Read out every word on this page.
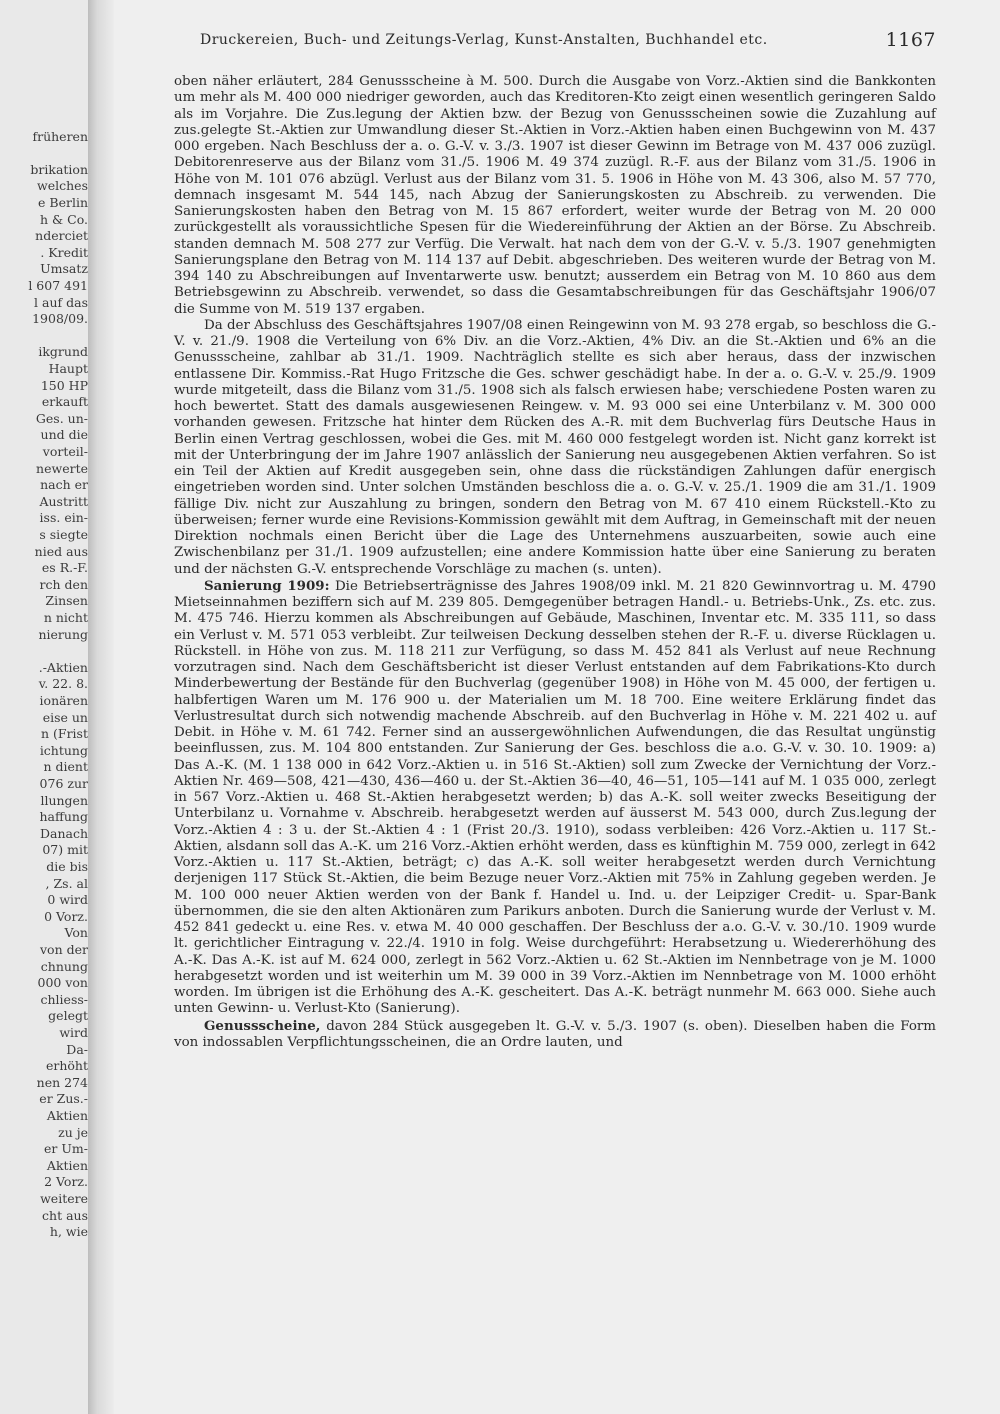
früheren
brikation
welches
e Berlin
h & Co.
nderciet
. Kredit
Umsatz
l 607 491
l auf das
1908/09.
ikgrund
Haupt
150 HP
erkauft
Ges. un-
und die
vorteil-
newerte
nach er
Austritt
iss. ein-
s siegte
nied aus
es R.-F.
rch den
Zinsen
n nicht
nierung
.-Aktien
v. 22. 8.
ionären
eise un
n (Frist
ichtung
n dient
076 zur
llungen
haffung
Danach
07) mit
die bis
, Zs. al
0 wird
0 Vorz.
Von
von der
chnung
000 von
chliess-
gelegt
wird
Da-
erhöht
nen 274
er Zus.-
Aktien
zu je
er Um-
Aktien
2 Vorz.
weitere
cht aus
h, wie
Druckereien, Buch- und Zeitungs-Verlag, Kunst-Anstalten, Buchhandel etc.	1167

oben näher erläutert, 284 Genussscheine à M. 500. Durch die Ausgabe von Vorz.-Aktien sind die Bankkonten um mehr als M. 400 000 niedriger geworden, auch das Kreditoren-Kto zeigt einen wesentlich geringeren Saldo als im Vorjahre. Die Zus.legung der Aktien bzw. der Bezug von Genussscheinen sowie die Zuzahlung auf zus.gelegte St.-Aktien zur Umwandlung dieser St.-Aktien in Vorz.-Aktien haben einen Buchgewinn von M. 437 000 ergeben. Nach Beschluss der a. o. G.-V. v. 3./3. 1907 ist dieser Gewinn im Betrage von M. 437 006 zuzügl. Debitorenreserve aus der Bilanz vom 31./5. 1906 M. 49 374 zuzügl. R.-F. aus der Bilanz vom 31./5. 1906 in Höhe von M. 101 076 abzügl. Verlust aus der Bilanz vom 31. 5. 1906 in Höhe von M. 43 306, also M. 57 770, demnach insgesamt M. 544 145, nach Abzug der Sanierungskosten zu Abschreib. zu verwenden. Die Sanierungskosten haben den Betrag von M. 15 867 erfordert, weiter wurde der Betrag von M. 20 000 zurückgestellt als voraussichtliche Spesen für die Wiedereinführung der Aktien an der Börse. Zu Abschreib. standen demnach M. 508 277 zur Verfüg. Die Verwalt. hat nach dem von der G.-V. v. 5./3. 1907 genehmigten Sanierungsplane den Betrag von M. 114 137 auf Debit. abgeschrieben. Des weiteren wurde der Betrag von M. 394 140 zu Abschreibungen auf Inventarwerte usw. benutzt; ausserdem ein Betrag von M. 10 860 aus dem Betriebsgewinn zu Abschreib. verwendet, so dass die Gesamtabschreibungen für das Geschäftsjahr 1906/07 die Summe von M. 519 137 ergaben.

Da der Abschluss des Geschäftsjahres 1907/08 einen Reingewinn von M. 93 278 ergab, so beschloss die G.-V. v. 21./9. 1908 die Verteilung von 6% Div. an die Vorz.-Aktien, 4% Div. an die St.-Aktien und 6% an die Genussscheine, zahlbar ab 31./1. 1909. Nachträglich stellte es sich aber heraus, dass der inzwischen entlassene Dir. Kommiss.-Rat Hugo Fritzsche die Ges. schwer geschädigt habe. In der a. o. G.-V. v. 25./9. 1909 wurde mitgeteilt, dass die Bilanz vom 31./5. 1908 sich als falsch erwiesen habe; verschiedene Posten waren zu hoch bewertet. Statt des damals ausgewiesenen Reingew. v. M. 93 000 sei eine Unterbilanz v. M. 300 000 vorhanden gewesen. Fritzsche hat hinter dem Rücken des A.-R. mit dem Buchverlag fürs Deutsche Haus in Berlin einen Vertrag geschlossen, wobei die Ges. mit M. 460 000 festgelegt worden ist. Nicht ganz korrekt ist mit der Unterbringung der im Jahre 1907 anlässlich der Sanierung neu ausgegebenen Aktien verfahren. So ist ein Teil der Aktien auf Kredit ausgegeben sein, ohne dass die rückständigen Zahlungen dafür energisch eingetrieben worden sind. Unter solchen Umständen beschloss die a. o. G.-V. v. 25./1. 1909 die am 31./1. 1909 fällige Div. nicht zur Auszahlung zu bringen, sondern den Betrag von M. 67 410 einem Rückstell.-Kto zu überweisen; ferner wurde eine Revisions-Kommission gewählt mit dem Auftrag, in Gemeinschaft mit der neuen Direktion nochmals einen Bericht über die Lage des Unternehmens auszuarbeiten, sowie auch eine Zwischenbilanz per 31./1. 1909 aufzustellen; eine andere Kommission hatte über eine Sanierung zu beraten und der nächsten G.-V. entsprechende Vorschläge zu machen (s. unten).

Sanierung 1909: Die Betriebserträgnisse des Jahres 1908/09 inkl. M. 21 820 Gewinnvortrag u. M. 4790 Mietseinnahmen beziffern sich auf M. 239 805. Demgegenüber betragen Handl.- u. Betriebs-Unk., Zs. etc. zus. M. 475 746. Hierzu kommen als Abschreibungen auf Gebäude, Maschinen, Inventar etc. M. 335 111, so dass ein Verlust v. M. 571 053 verbleibt. Zur teilweisen Deckung desselben stehen der R.-F. u. diverse Rücklagen u. Rückstell. in Höhe von zus. M. 118 211 zur Verfügung, so dass M. 452 841 als Verlust auf neue Rechnung vorzutragen sind. Nach dem Geschäftsbericht ist dieser Verlust entstanden auf dem Fabrikations-Kto durch Minderbewertung der Bestände für den Buchverlag (gegenüber 1908) in Höhe von M. 45 000, der fertigen u. halbfertigen Waren um M. 176 900 u. der Materialien um M. 18 700. Eine weitere Erklärung findet das Verlustresultat durch sich notwendig machende Abschreib. auf den Buchverlag in Höhe v. M. 221 402 u. auf Debit. in Höhe v. M. 61 742. Ferner sind an aussergewöhnlichen Aufwendungen, die das Resultat ungünstig beeinflussen, zus. M. 104 800 entstanden. Zur Sanierung der Ges. beschloss die a.o. G.-V. v. 30. 10. 1909: a) Das A.-K. (M. 1 138 000 in 642 Vorz.-Aktien u. in 516 St.-Aktien) soll zum Zwecke der Vernichtung der Vorz.-Aktien Nr. 469—508, 421—430, 436—460 u. der St.-Aktien 36—40, 46—51, 105—141 auf M. 1 035 000, zerlegt in 567 Vorz.-Aktien u. 468 St.-Aktien herabgesetzt werden; b) das A.-K. soll weiter zwecks Beseitigung der Unterbilanz u. Vornahme v. Abschreib. herabgesetzt werden auf äusserst M. 543 000, durch Zus.legung der Vorz.-Aktien 4 : 3 u. der St.-Aktien 4 : 1 (Frist 20./3. 1910), sodass verbleiben: 426 Vorz.-Aktien u. 117 St.-Aktien, alsdann soll das A.-K. um 216 Vorz.-Aktien erhöht werden, dass es künftighin M. 759 000, zerlegt in 642 Vorz.-Aktien u. 117 St.-Aktien, beträgt; c) das A.-K. soll weiter herabgesetzt werden durch Vernichtung derjenigen 117 Stück St.-Aktien, die beim Bezuge neuer Vorz.-Aktien mit 75% in Zahlung gegeben werden. Je M. 100 000 neuer Aktien werden von der Bank f. Handel u. Ind. u. der Leipziger Credit- u. Spar-Bank übernommen, die sie den alten Aktionären zum Parikurs anboten. Durch die Sanierung wurde der Verlust v. M. 452 841 gedeckt u. eine Res. v. etwa M. 40 000 geschaffen. Der Beschluss der a.o. G.-V. v. 30./10. 1909 wurde lt. gerichtlicher Eintragung v. 22./4. 1910 in folg. Weise durchgeführt: Herabsetzung u. Wiedererhöhung des A.-K. Das A.-K. ist auf M. 624 000, zerlegt in 562 Vorz.-Aktien u. 62 St.-Aktien im Nennbetrage von je M. 1000 herabgesetzt worden und ist weiterhin um M. 39 000 in 39 Vorz.-Aktien im Nennbetrage von M. 1000 erhöht worden. Im übrigen ist die Erhöhung des A.-K. gescheitert. Das A.-K. beträgt nunmehr M. 663 000. Siehe auch unten Gewinn- u. Verlust-Kto (Sanierung).

Genussscheine, davon 284 Stück ausgegeben lt. G.-V. v. 5./3. 1907 (s. oben). Dieselben haben die Form von indossablen Verpflichtungsscheinen, die an Ordre lauten, und
